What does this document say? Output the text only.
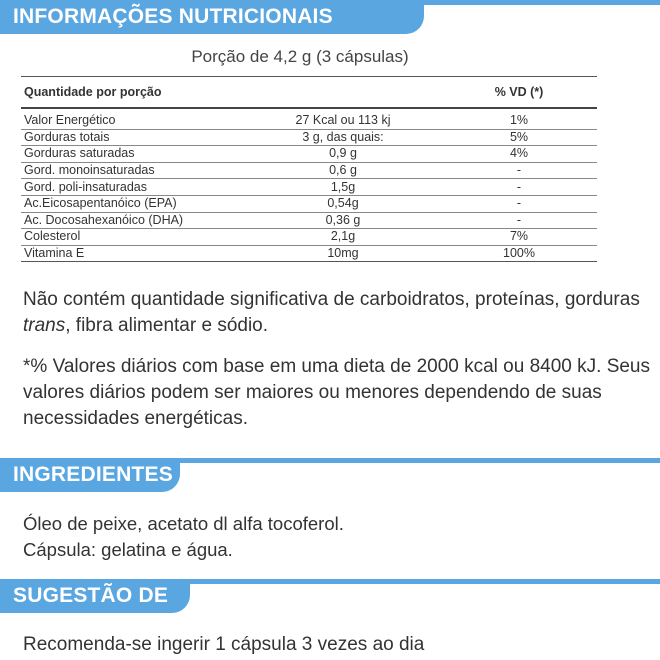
INFORMAÇÕES NUTRICIONAIS
Porção de 4,2 g (3 cápsulas)
Quantidade por porção		% VD (*)
Valor Energético	27 Kcal ou 113 kj	1%
Gorduras totais	3 g, das quais:	5%
Gorduras saturadas	0,9 g	4%
Gord. monoinsaturadas	0,6 g	-
Gord. poli-insaturadas	1,5g	-
Ac.Eicosapentanóico (EPA)	0,54g	-
Ac. Docosahexanóico (DHA)	0,36 g	-
Colesterol	2,1g	7%
Vitamina E	10mg	100%
Não contém quantidade significativa de carboidratos, proteínas, gorduras trans, fibra alimentar e sódio.
*% Valores diários com base em uma dieta de 2000 kcal ou 8400 kJ. Seus valores diários podem ser maiores ou menores dependendo de suas necessidades energéticas.
INGREDIENTES
Óleo de peixe, acetato dl alfa tocoferol.
Cápsula: gelatina e água.
SUGESTÃO DE USO
Recomenda-se ingerir 1 cápsula 3 vezes ao dia
